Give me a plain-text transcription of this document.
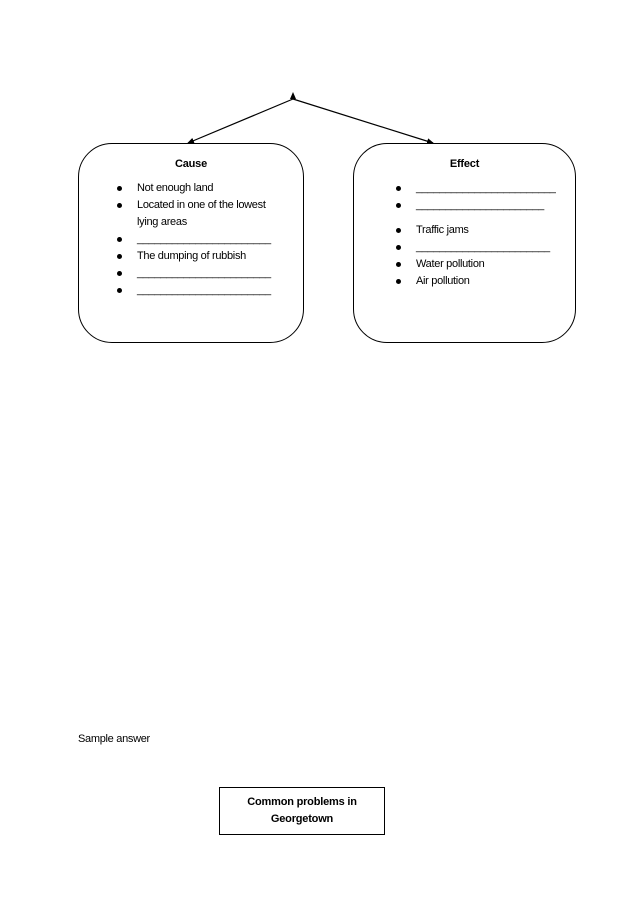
Cause
Not enough land
Located in one of the lowest lying areas
_______________________
The dumping of rubbish
_______________________
_______________________
Effect
________________________
______________________
Traffic jams
_______________________
Water pollution
Air pollution
Sample answer
Common problems in Georgetown
